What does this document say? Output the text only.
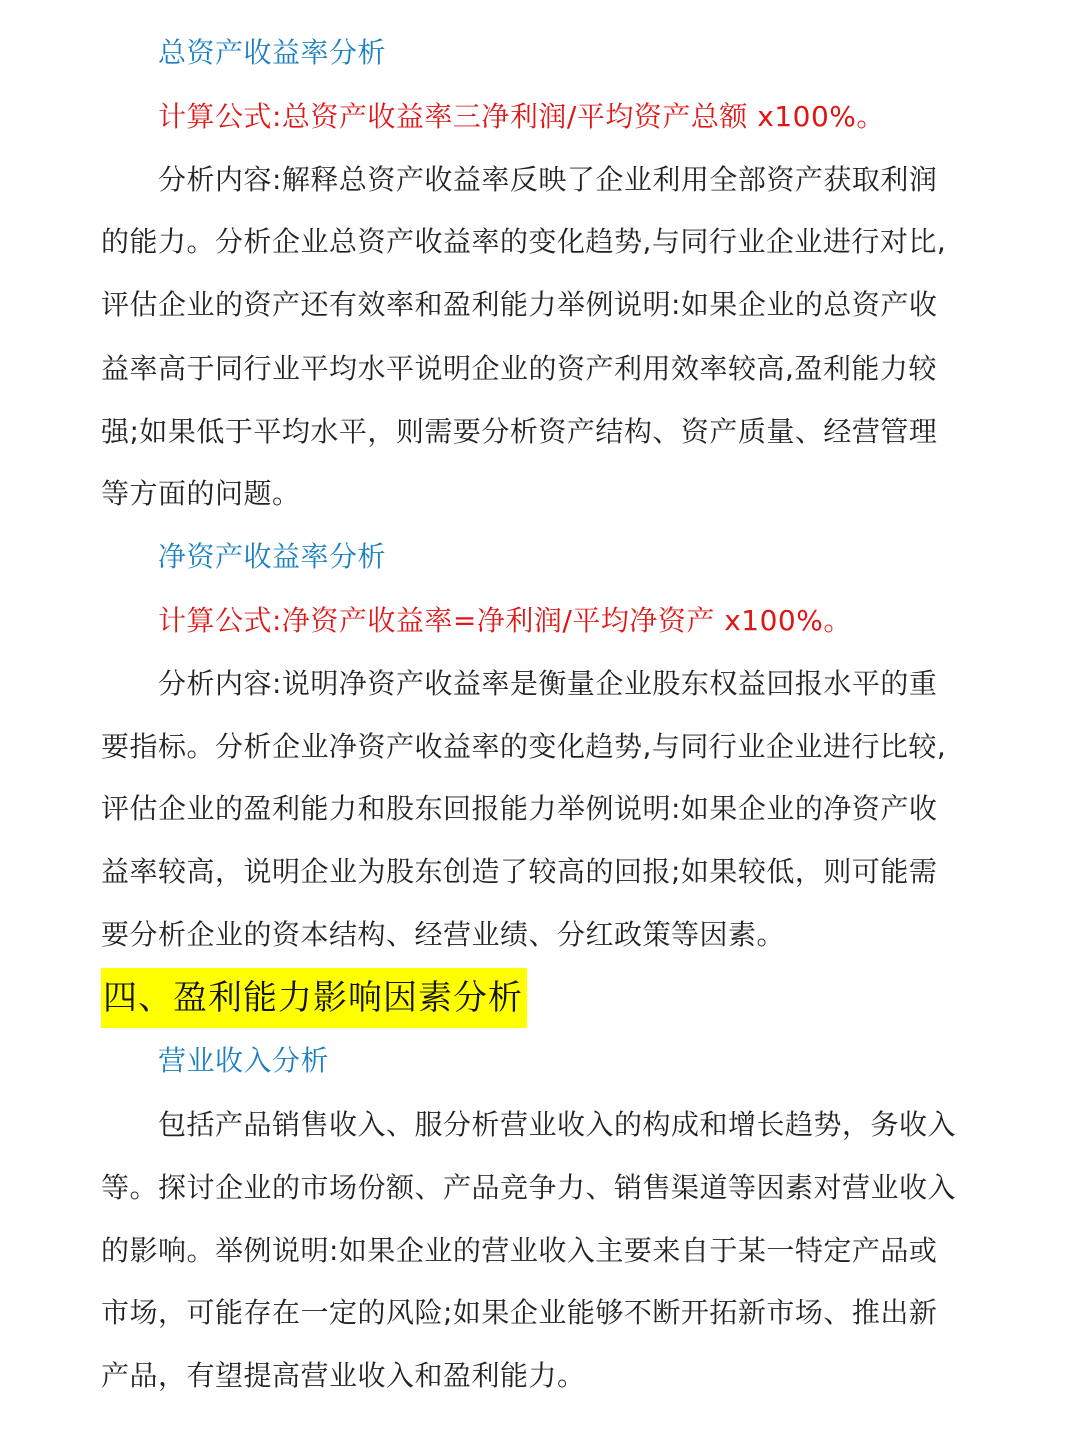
总资产收益率分析
计算公式:总资产收益率三净利润/平均资产总额 x100%。
分析内容:解释总资产收益率反映了企业利用全部资产获取利润
的能力。分析企业总资产收益率的变化趋势,与同行业企业进行对比,
评估企业的资产还有效率和盈利能力举例说明:如果企业的总资产收
益率高于同行业平均水平说明企业的资产利用效率较高,盈利能力较
强;如果低于平均水平，则需要分析资产结构、资产质量、经营管理
等方面的问题。
净资产收益率分析
计算公式:净资产收益率=净利润/平均净资产 x100%。
分析内容:说明净资产收益率是衡量企业股东权益回报水平的重
要指标。分析企业净资产收益率的变化趋势,与同行业企业进行比较,
评估企业的盈利能力和股东回报能力举例说明:如果企业的净资产收
益率较高，说明企业为股东创造了较高的回报;如果较低，则可能需
要分析企业的资本结构、经营业绩、分红政策等因素。
四、盈利能力影响因素分析
营业收入分析
包括产品销售收入、服分析营业收入的构成和增长趋势，务收入
等。探讨企业的市场份额、产品竞争力、销售渠道等因素对营业收入
的影响。举例说明:如果企业的营业收入主要来自于某一特定产品或
市场，可能存在一定的风险;如果企业能够不断开拓新市场、推出新
产品，有望提高营业收入和盈利能力。
